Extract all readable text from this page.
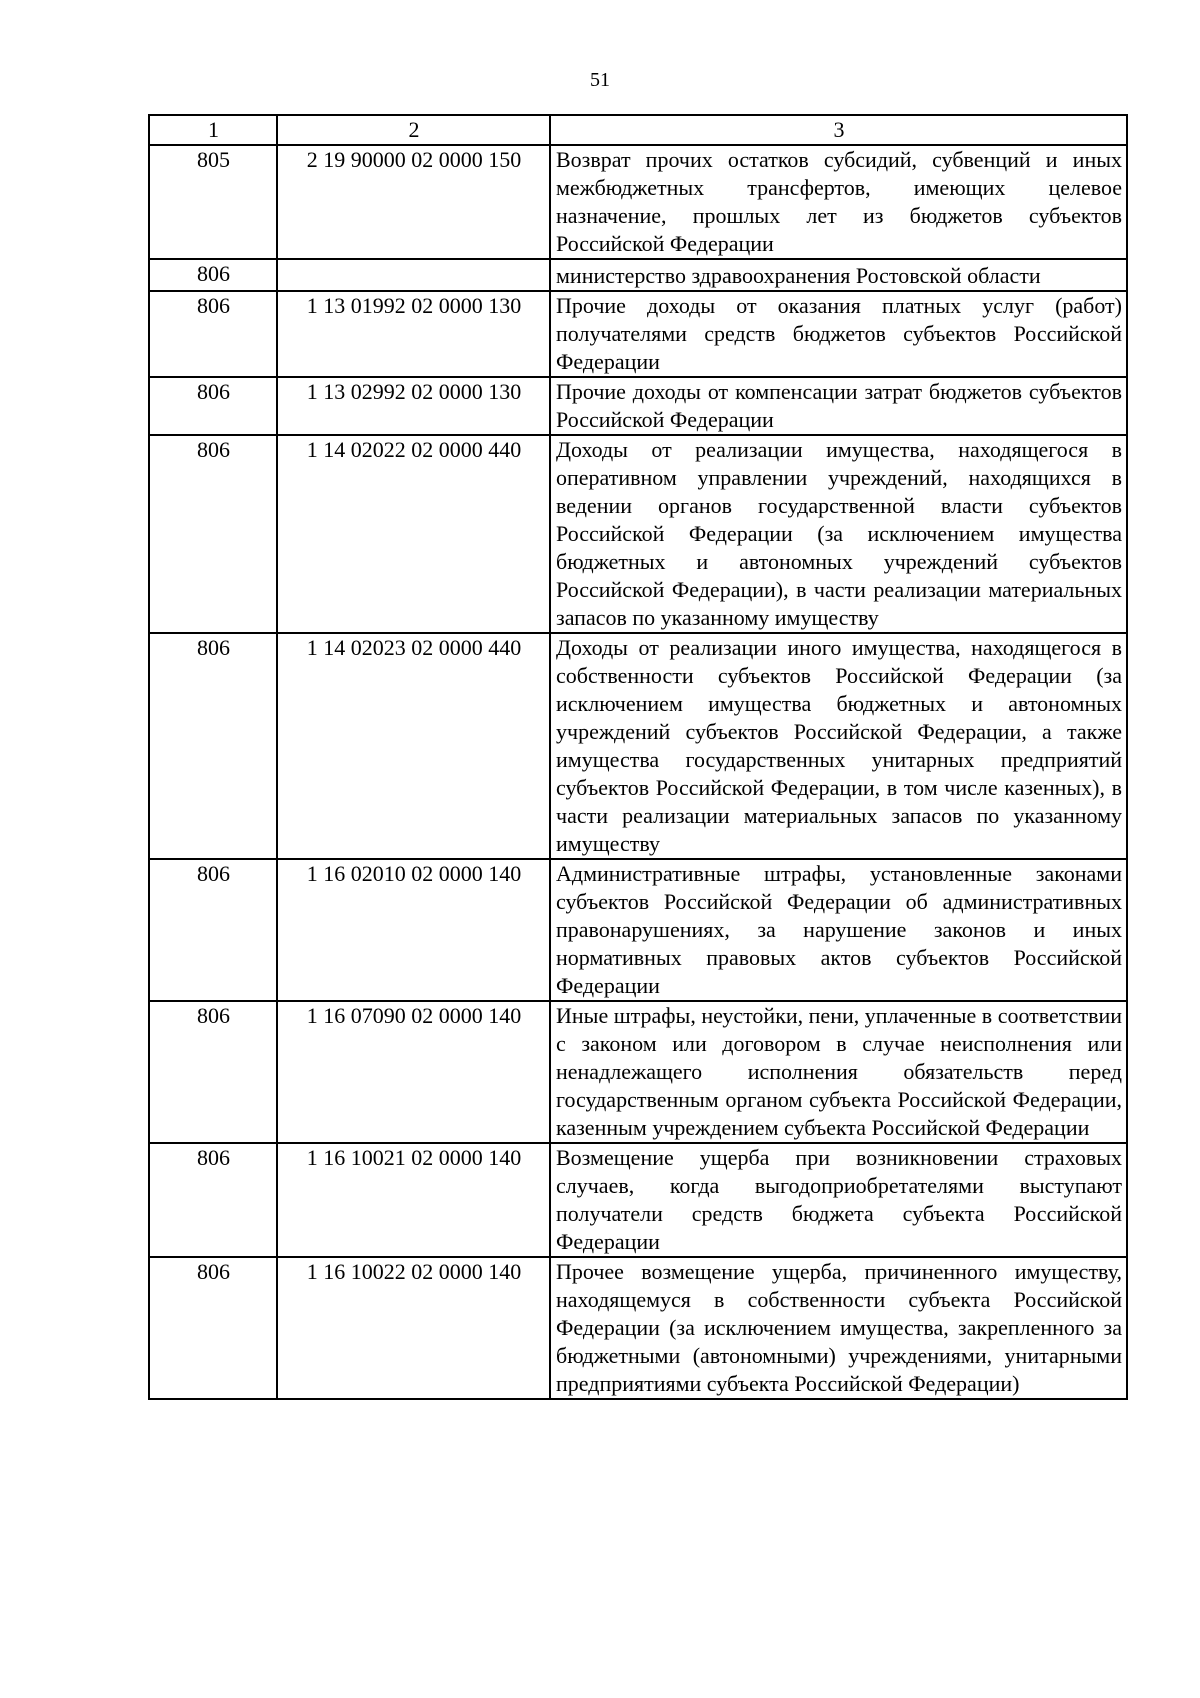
51
1	2	3
805	2 19 90000 02 0000 150	Возврат прочих остатков субсидий, субвенций и иных межбюджетных трансфертов, имеющих целевое назначение, прошлых лет из бюджетов субъектов Российской Федерации
806		министерство здравоохранения Ростовской области
806	1 13 01992 02 0000 130	Прочие доходы от оказания платных услуг (работ) получателями средств бюджетов субъектов Российской Федерации
806	1 13 02992 02 0000 130	Прочие доходы от компенсации затрат бюджетов субъектов Российской Федерации
806	1 14 02022 02 0000 440	Доходы от реализации имущества, находящегося в оперативном управлении учреждений, находящихся в ведении органов государственной власти субъектов Российской Федерации (за исключением имущества бюджетных и автономных учреждений субъектов Российской Федерации), в части реализации материальных запасов по указанному имуществу
806	1 14 02023 02 0000 440	Доходы от реализации иного имущества, находящегося в собственности субъектов Российской Федерации (за исключением имущества бюджетных и автономных учреждений субъектов Российской Федерации, а также имущества государственных унитарных предприятий субъектов Российской Федерации, в том числе казенных), в части реализации материальных запасов по указанному имуществу
806	1 16 02010 02 0000 140	Административные штрафы, установленные законами субъектов Российской Федерации об административных правонарушениях, за нарушение законов и иных нормативных правовых актов субъектов Российской Федерации
806	1 16 07090 02 0000 140	Иные штрафы, неустойки, пени, уплаченные в соответствии с законом или договором в случае неисполнения или ненадлежащего исполнения обязательств перед государственным органом субъекта Российской Федерации, казенным учреждением субъекта Российской Федерации
806	1 16 10021 02 0000 140	Возмещение ущерба при возникновении страховых случаев, когда выгодоприобретателями выступают получатели средств бюджета субъекта Российской Федерации
806	1 16 10022 02 0000 140	Прочее возмещение ущерба, причиненного имуществу, находящемуся в собственности субъекта Российской Федерации (за исключением имущества, закрепленного за бюджетными (автономными) учреждениями, унитарными предприятиями субъекта Российской Федерации)
